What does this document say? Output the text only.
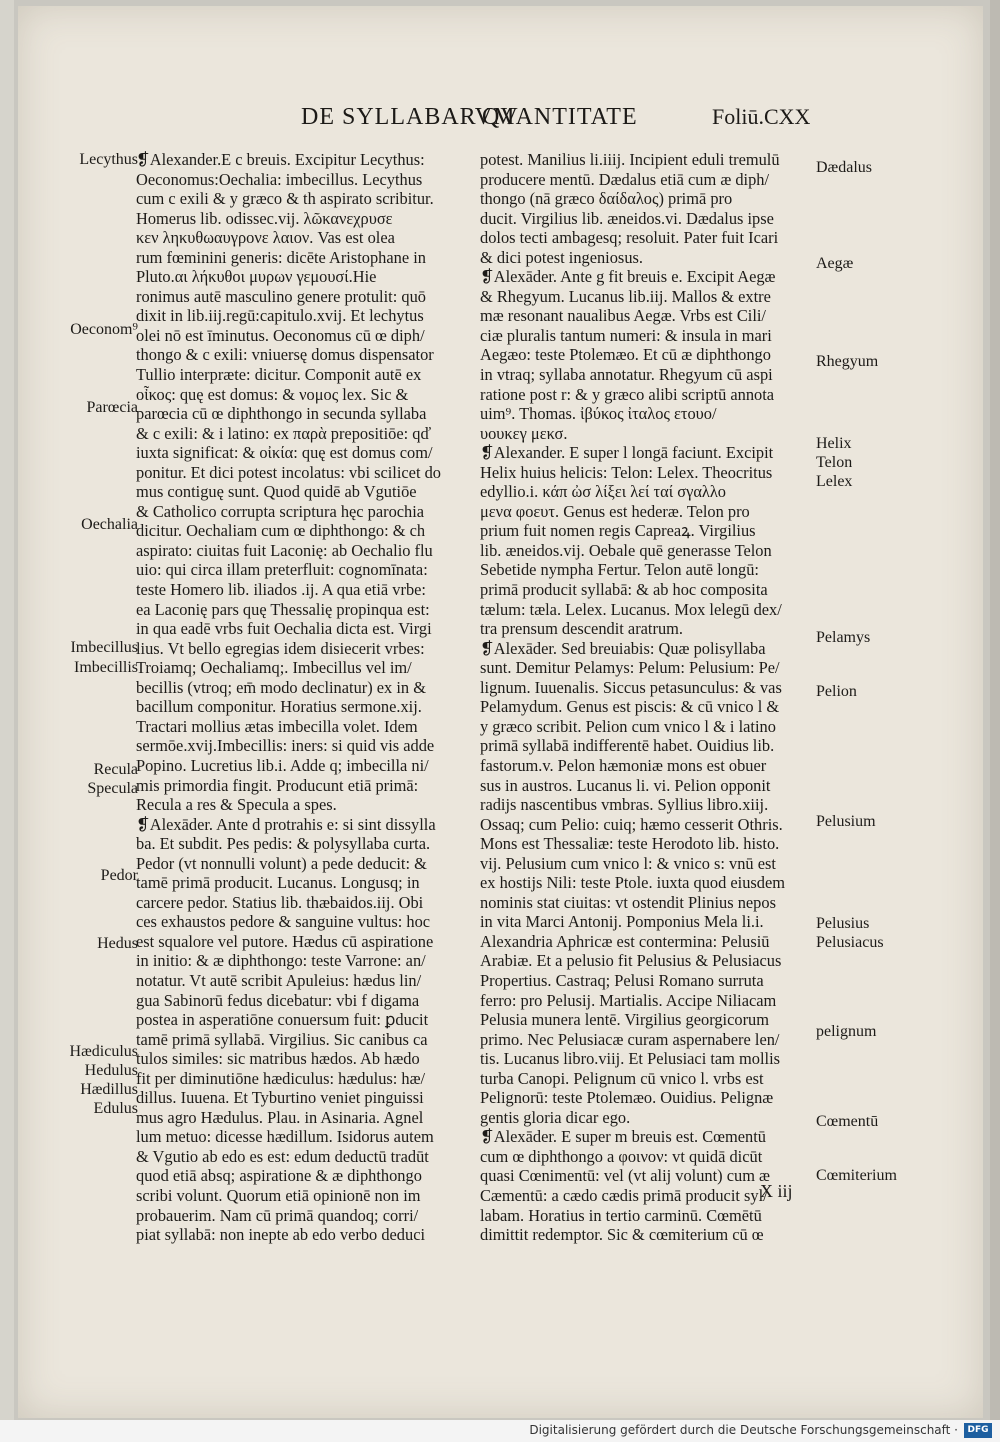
DE SYLLABARVM
QVANTITATE	Foliū.CXX
❡Alexander.E c breuis. Excipitur Lecythus:
Oeconomus:Oechalia: imbecillus. Lecythus
cum c exili & y græco & th aspirato scribitur.
Homerus lib. odissec.vij. λῶκανεχρυσε
κεν ληκυθωαυγρονε λαιον. Vas est olea
rum fœminini generis: dicēte Aristophane in
Pluto.αι λήκυθοι μυρων γεμουσί.Hie
ronimus autē masculino genere protulit: quō
dixit in lib.iij.regū:capitulo.xvij. Et lechytus
olei nō est īminutus. Oeconomus cū œ diph/
thongo & c exili: vniuersę domus dispensator
Tullio interpræte: dicitur. Componit autē ex
οἶκος: quę est domus: & νομος lex. Sic &
parœcia cū œ diphthongo in secunda syllaba
& c exili: & i latino: ex παρὰ prepositiōe: qď
iuxta significat: & οἰκία: quę est domus com/
ponitur. Et dici potest incolatus: vbi scilicet do
mus contiguę sunt. Quod quidē ab Vgutiōe
& Catholico corrupta scriptura hęc parochia
dicitur. Oechaliam cum œ diphthongo: & ch
aspirato: ciuitas fuit Laconię: ab Oechalio flu
uio: qui circa illam preterfluit: cognomīnata:
teste Homero lib. iliados .ij. A qua etiā vrbe:
ea Laconię pars quę Thessalię propinqua est:
in qua eadē vrbs fuit Oechalia dicta est. Virgi
lius. Vt bello egregias idem disiecerit vrbes:
Troiamq; Oechaliamq;. Imbecillus vel im/
becillis (vtroq; em̄ modo declinatur) ex in &
bacillum componitur. Horatius sermone.xij.
Tractari mollius ætas imbecilla volet. Idem
sermōe.xvij.Imbecillis: iners: si quid vis adde
Popino. Lucretius lib.i. Adde q; imbecilla ni/
mis primordia fingit. Producunt etiā primā:
Recula a res & Specula a spes.
❡Alexāder. Ante d protrahis e: si sint dissylla
ba. Et subdit. Pes pedis: & polysyllaba curta.
Pedor (vt nonnulli volunt) a pede deducit: &
tamē primā producit. Lucanus. Longusq; in
carcere pedor. Statius lib. thæbaidos.iij. Obi
ces exhaustos pedore & sanguine vultus: hoc
est squalore vel putore. Hædus cū aspiratione
in initio: & æ diphthongo: teste Varrone: an/
notatur. Vt autē scribit Apuleius: hædus lin/
gua Sabinorū fedus dicebatur: vbi f digama
postea in asperatiōne conuersum fuit: ꝑducit
tamē primā syllabā. Virgilius. Sic canibus ca
tulos similes: sic matribus hædos. Ab hædo
fit per diminutiōne hædiculus: hædulus: hæ/
dillus. Iuuena. Et Tyburtino veniet pinguissi
mus agro Hædulus. Plau. in Asinaria. Agnel
lum metuo: dicesse hædillum. Isidorus autem
& Vgutio ab edo es est: edum deductū tradūt
quod etiā absq; aspiratione & æ diphthongo
scribi volunt. Quorum etiā opinionē non im
probauerim. Nam cū primā quandoq; corri/
piat syllabā: non inepte ab edo verbo deduci
potest. Manilius li.iiij. Incipient eduli tremulū
producere mentū. Dædalus etiā cum æ diph/
thongo (nā græco δαίδαλος) primā pro
ducit. Virgilius lib. æneidos.vi. Dædalus ipse
dolos tecti ambagesq; resoluit. Pater fuit Icari
& dici potest ingeniosus.
❡Alexāder. Ante g fit breuis e. Excipit Aegæ
& Rhegyum. Lucanus lib.iij. Mallos & extre
mæ resonant naualibus Aegæ. Vrbs est Cili/
ciæ pluralis tantum numeri: & insula in mari
Aegæo: teste Ptolemæo. Et cū æ diphthongo
in vtraq; syllaba annotatur. Rhegyum cū aspi
ratione post r: & y græco alibi scriptū annota
uim⁹. Thomas. ἰβύκος ἰταλος ετουο/
υουκεγ μεκσ.
❡Alexander. E super l longā faciunt. Excipit
Helix huius helicis: Telon: Lelex. Theocritus
edyllio.i. κάπ ὠσ λίξει λεί ταί σγαλλο
μενα φοευτ. Genus est hederæ. Telon pro
prium fuit nomen regis Capreaꝝ. Virgilius
lib. æneidos.vij. Oebale quē generasse Telon
Sebetide nympha Fertur. Telon autē longū:
primā producit syllabā: & ab hoc composita
tælum: tæla. Lelex. Lucanus. Mox lelegū dex/
tra prensum descendit aratrum.
❡Alexāder. Sed breuiabis: Quæ polisyllaba
sunt. Demitur Pelamys: Pelum: Pelusium: Pe/
lignum. Iuuenalis. Siccus petasunculus: & vas
Pelamydum. Genus est piscis: & cū vnico l &
y græco scribit. Pelion cum vnico l & i latino
primā syllabā indifferentē habet. Ouidius lib.
fastorum.v. Pelon hæmoniæ mons est obuer
sus in austros. Lucanus li. vi. Pelion opponit
radijs nascentibus vmbras. Syllius libro.xiij.
Ossaq; cum Pelio: cuiq; hæmo cesserit Othris.
Mons est Thessaliæ: teste Herodoto lib. histo.
vij. Pelusium cum vnico l: & vnico s: vnū est
ex hostijs Nili: teste Ptole. iuxta quod eiusdem
nominis stat ciuitas: vt ostendit Plinius nepos
in vita Marci Antonij. Pomponius Mela li.i.
Alexandria Aphricæ est contermina: Pelusiū
Arabiæ. Et a pelusio fit Pelusius & Pelusiacus
Propertius. Castraq; Pelusi Romano surruta
ferro: pro Pelusij. Martialis. Accipe Niliacam
Pelusia munera lentē. Virgilius georgicorum
primo. Nec Pelusiacæ curam aspernabere len/
tis. Lucanus libro.viij. Et Pelusiaci tam mollis
turba Canopi. Pelignum cū vnico l. vrbs est
Pelignorū: teste Ptolemæo. Ouidius. Pelignæ
gentis gloria dicar ego.
❡Alexāder. E super m breuis est. Cœmentū
cum œ diphthongo a φοινον: vt quidā dicūt
quasi Cœnimentū: vel (vt alij volunt) cum æ
Cæmentū: a cædo cædis primā producit syl/
labam. Horatius in tertio carminū. Cœmētū
dimittit redemptor. Sic & cœmiterium cū œ
Lecythus
Oeconom⁹
Parœcia
Oechalia
Imbecillus
Imbecillis
Recula
Specula
Pedor
Hedus
Hædiculus
Hedulus
Hædillus
Edulus
Dædalus
Aegæ
Rhegyum
Helix
Telon
Lelex
Pelamys
Pelion
Pelusium
Pelusius
Pelusiacus
pelignum
Cœmentū
Cœmiterium
X iij
Digitalisierung gefördert durch die Deutsche Forschungsgemeinschaft ·	DFG
